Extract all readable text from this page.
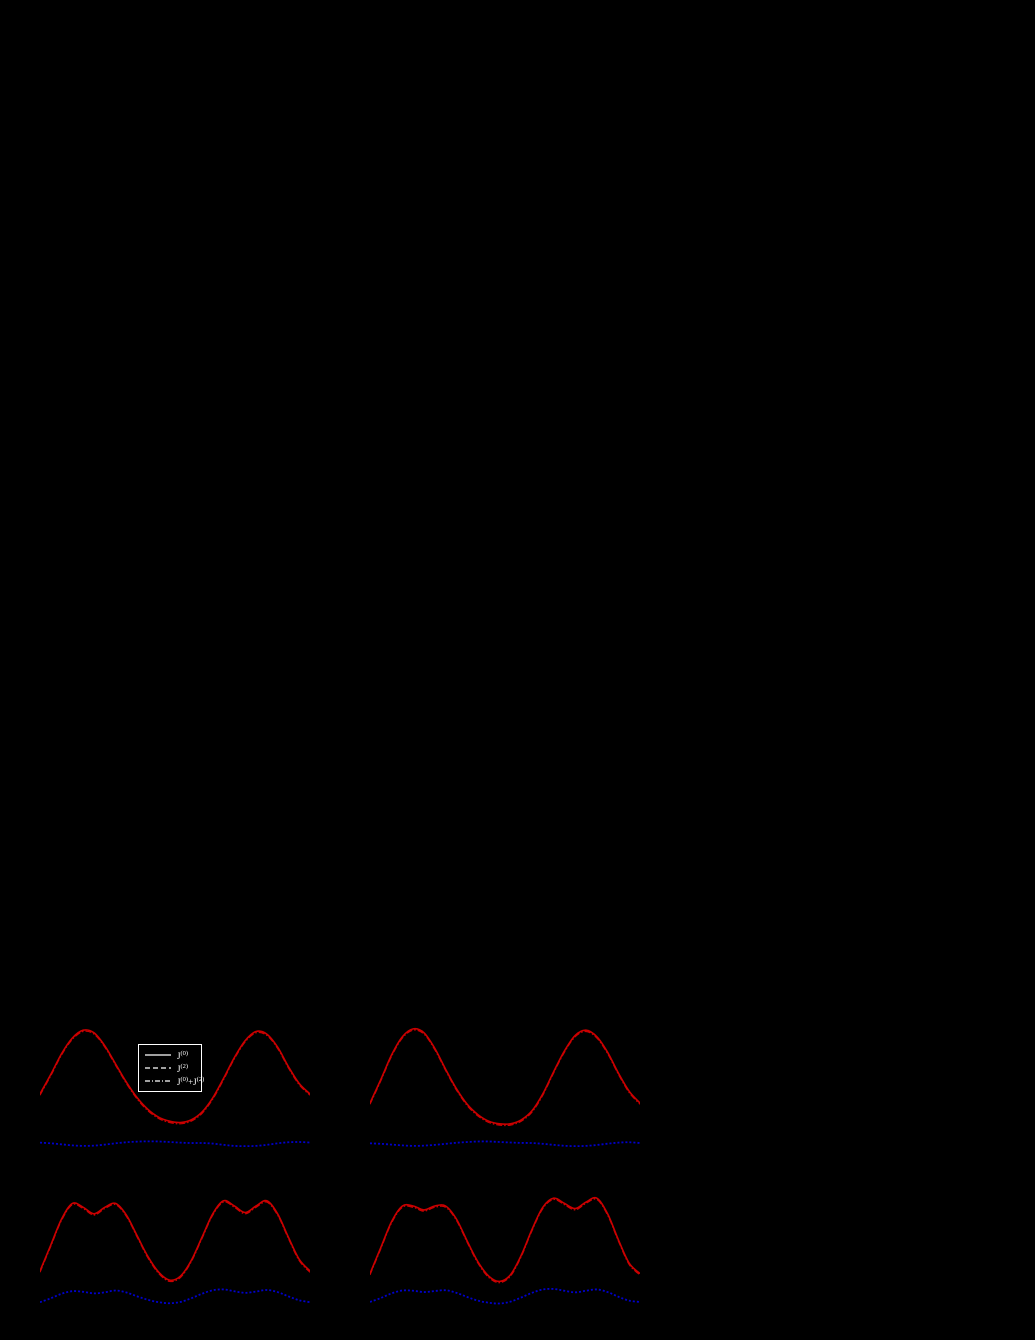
$J^{(0)}$
$J^{(2)}$
$J^{(0)}+J^{(2)}$
